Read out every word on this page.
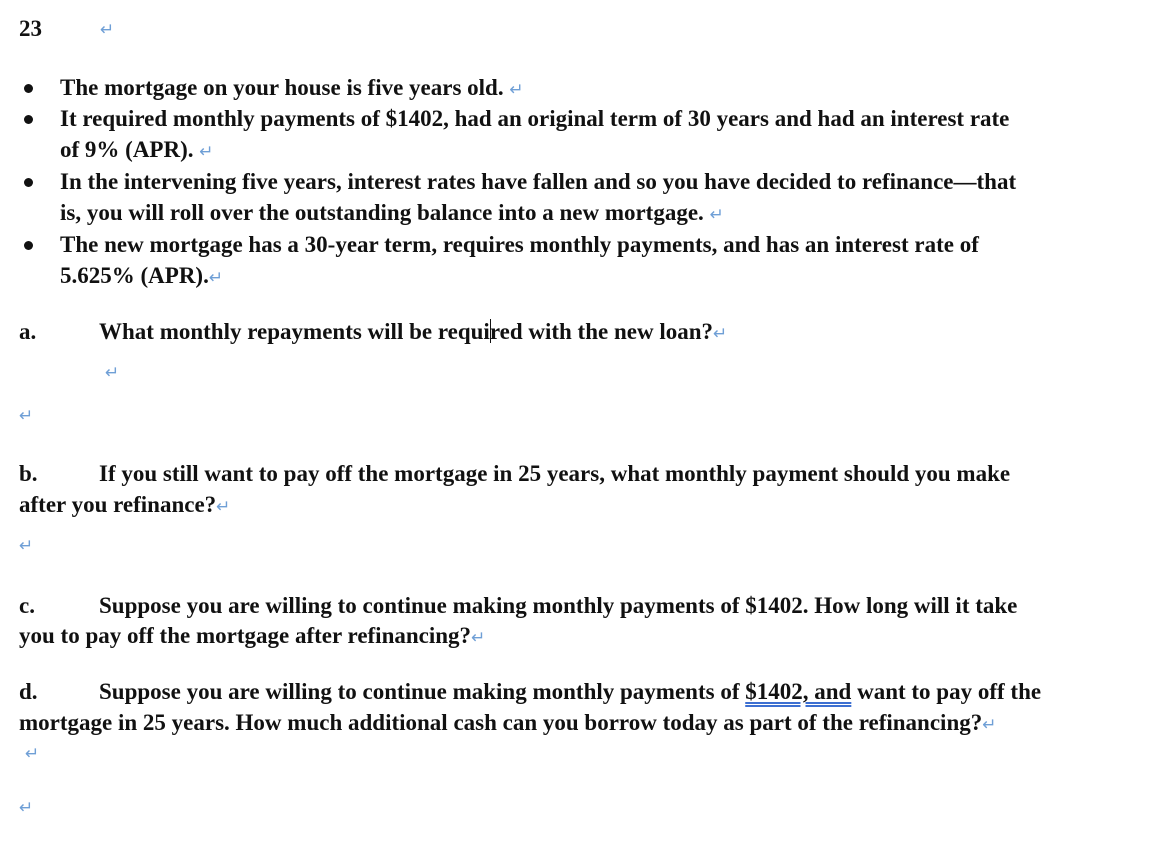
23	↵
The mortgage on your house is five years old. ↵
It required monthly payments of $1402, had an original term of 30 years and had an interest rate
of 9% (APR). ↵
In the intervening five years, interest rates have fallen and so you have decided to refinance—that
is, you will roll over the outstanding balance into a new mortgage. ↵
The new mortgage has a 30-year term, requires monthly payments, and has an interest rate of
5.625% (APR).↵
a.	What monthly repayments will be required with the new loan?↵
↵
↵
b.	If you still want to pay off the mortgage in 25 years, what monthly payment should you make
after you refinance?↵
↵
c.	Suppose you are willing to continue making monthly payments of $1402. How long will it take
you to pay off the mortgage after refinancing?↵
d.	Suppose you are willing to continue making monthly payments of $1402, and want to pay off the
mortgage in 25 years. How much additional cash can you borrow today as part of the refinancing?↵
↵
↵
